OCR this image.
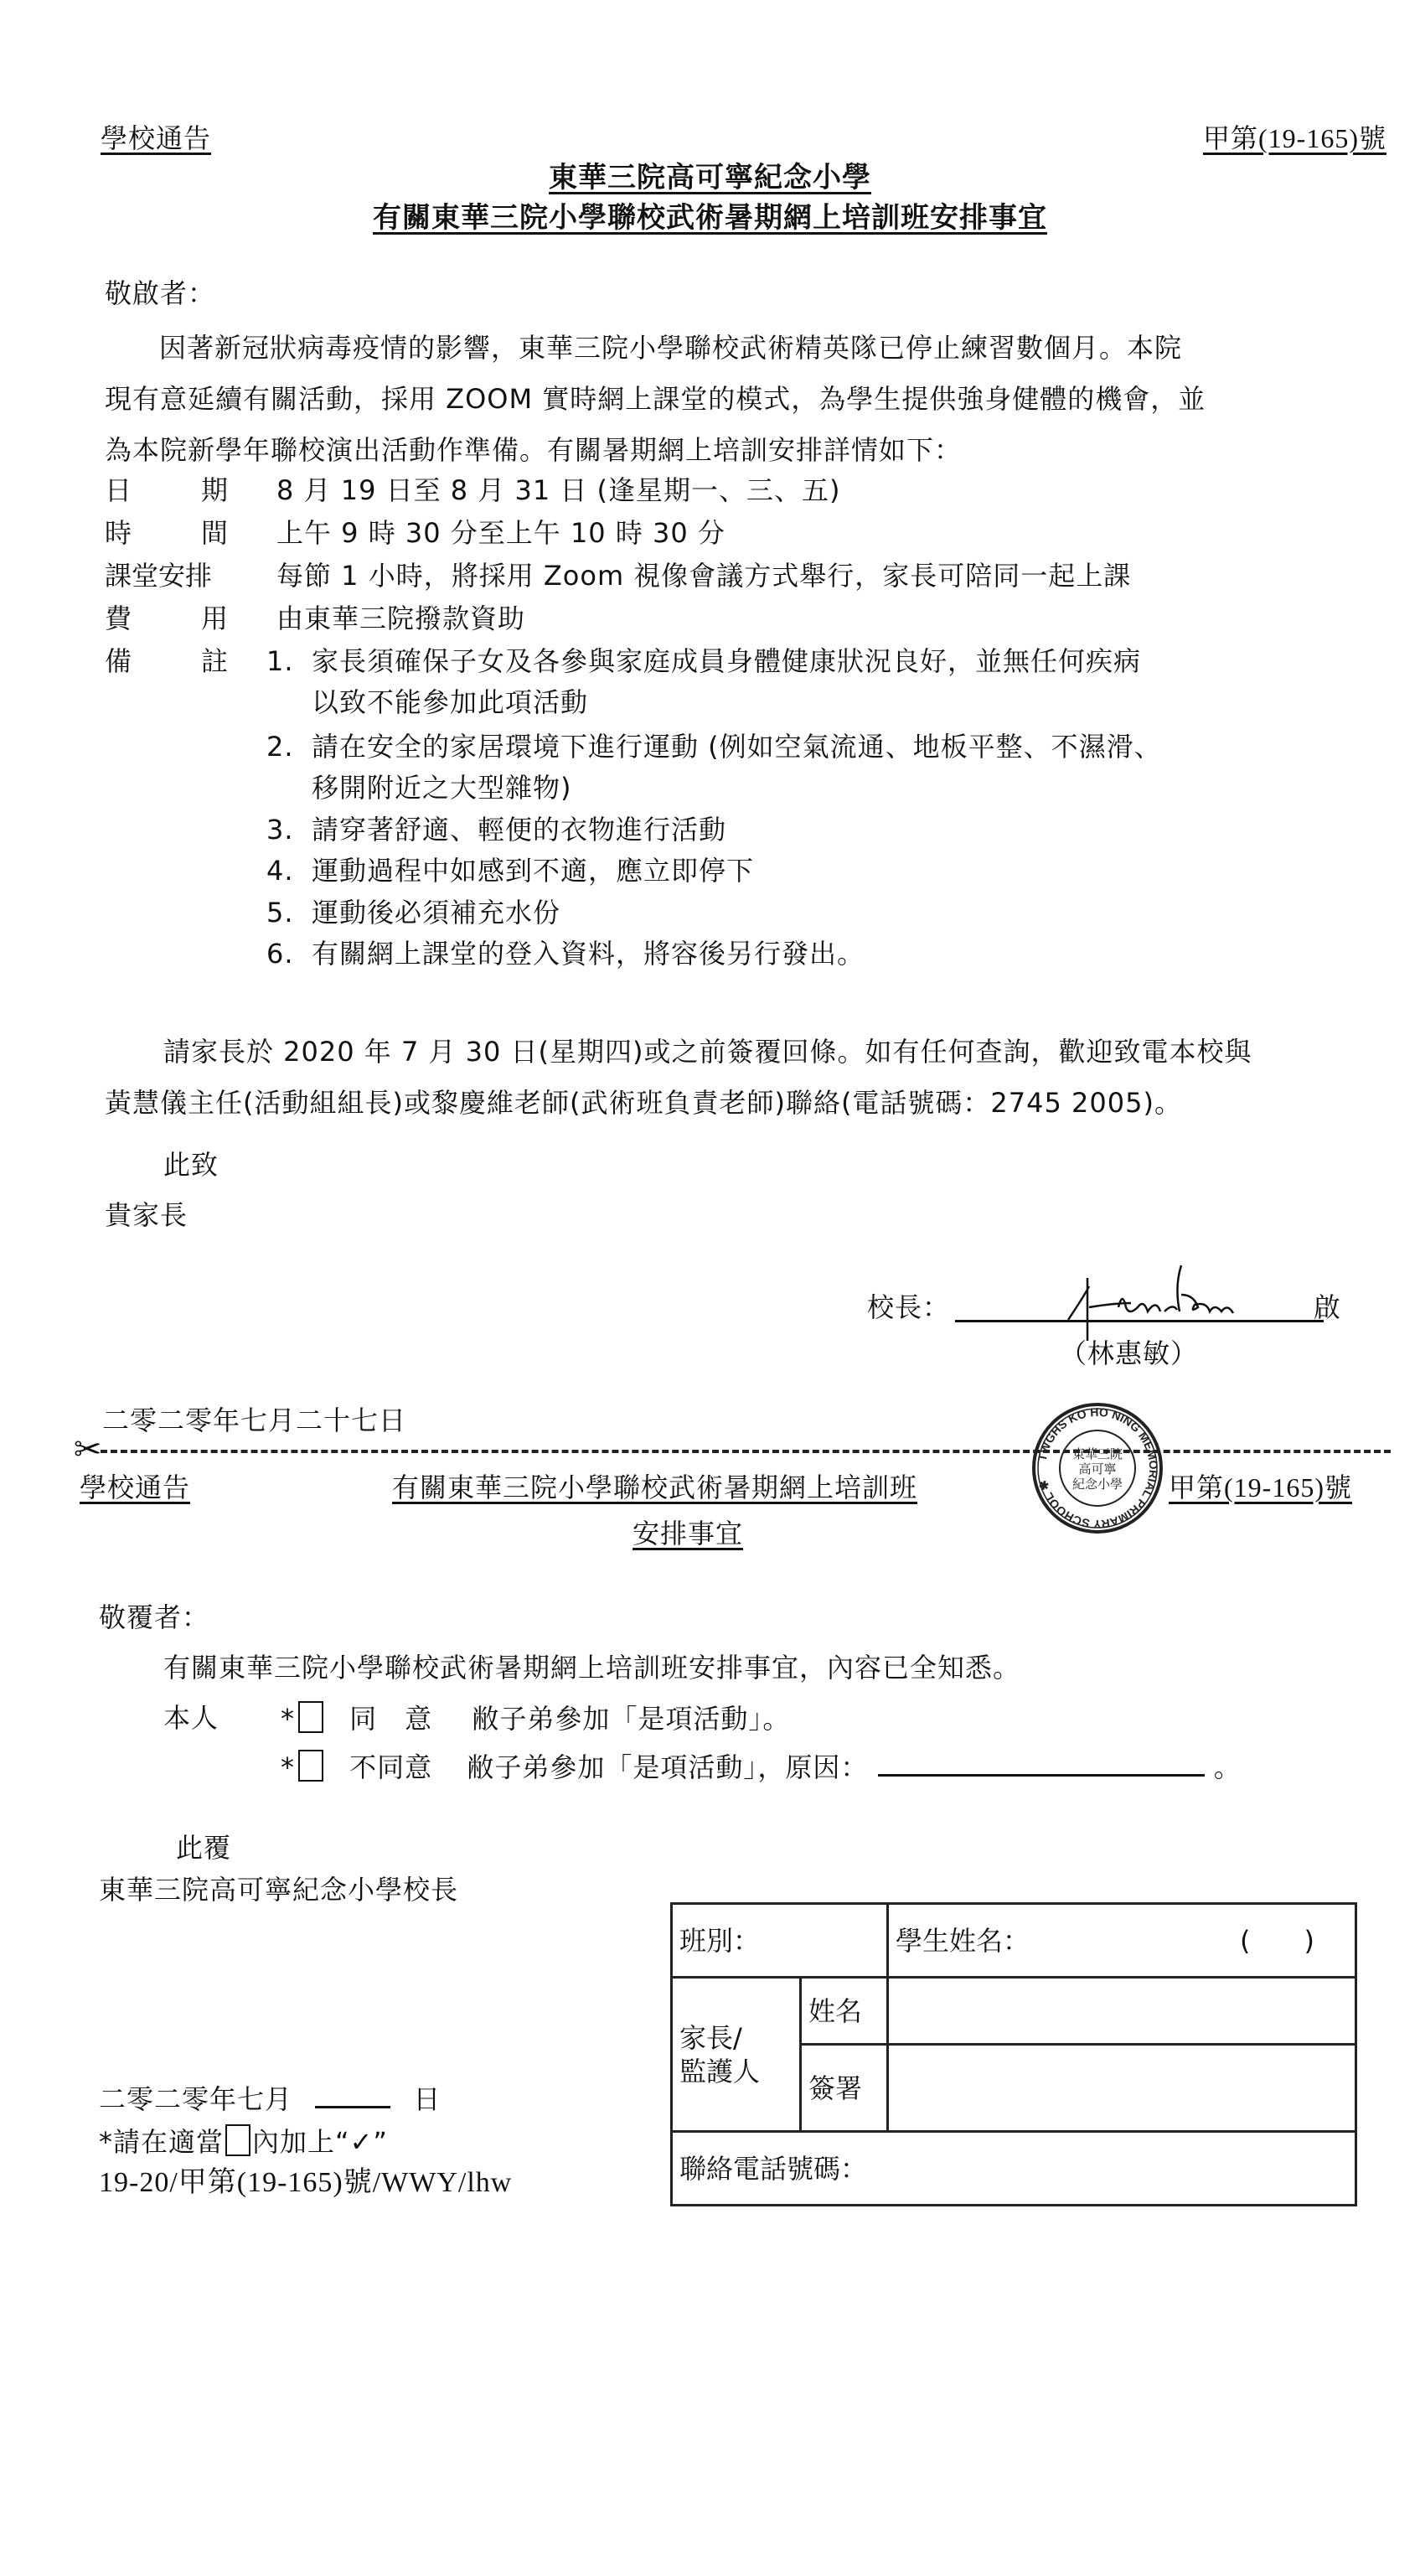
學校通告	甲第(19-165)號
東華三院高可寧紀念小學
有關東華三院小學聯校武術暑期網上培訓班安排事宜
敬啟者：
因著新冠狀病毒疫情的影響，東華三院小學聯校武術精英隊已停止練習數個月。本院
現有意延續有關活動，採用 ZOOM 實時網上課堂的模式，為學生提供強身健體的機會，並
為本院新學年聯校演出活動作準備。有關暑期網上培訓安排詳情如下：
日	期 8 月 19 日至 8 月 31 日 (逢星期一、三、五)
時	間 上午 9 時 30 分至上午 10 時 30 分
課堂安排 每節 1 小時，將採用 Zoom 視像會議方式舉行，家長可陪同一起上課
費	用 由東華三院撥款資助
備	註 1. 家長須確保子女及各參與家庭成員身體健康狀況良好，並無任何疾病
以致不能參加此項活動
2. 請在安全的家居環境下進行運動 (例如空氣流通、地板平整、不濕滑、
移開附近之大型雜物)
3. 請穿著舒適、輕便的衣物進行活動
4. 運動過程中如感到不適，應立即停下
5. 運動後必須補充水份
6. 有關網上課堂的登入資料，將容後另行發出。
請家長於 2020 年 7 月 30 日(星期四)或之前簽覆回條。如有任何查詢，歡迎致電本校與
黃慧儀主任(活動組組長)或黎慶維老師(武術班負責老師)聯絡(電話號碼：2745 2005)。
此致
貴家長
校長：	啟
（林惠敏）
二零二零年七月二十七日
✂
學校通告	有關東華三院小學聯校武術暑期網上培訓班
安排事宜
甲第(19-165)號
TWGHS KO HO NING MEMORIAL PRIMARY SCHOOL ✱
東華三院
高可寧
紀念小學
敬覆者：
有關東華三院小學聯校武術暑期網上培訓班安排事宜，內容已全知悉。
本人 * 同　意 敝子弟參加「是項活動」。
* 不同意 敝子弟參加「是項活動」，原因：	。
此覆
東華三院高可寧紀念小學校長
班別：		學生姓名： (　　)

家長/
監護人	姓名	
	簽署	
聯絡電話號碼：		
二零二零年七月	日
*請在適當 內加上“✓”
19-20/甲第(19-165)號/WWY/lhw
